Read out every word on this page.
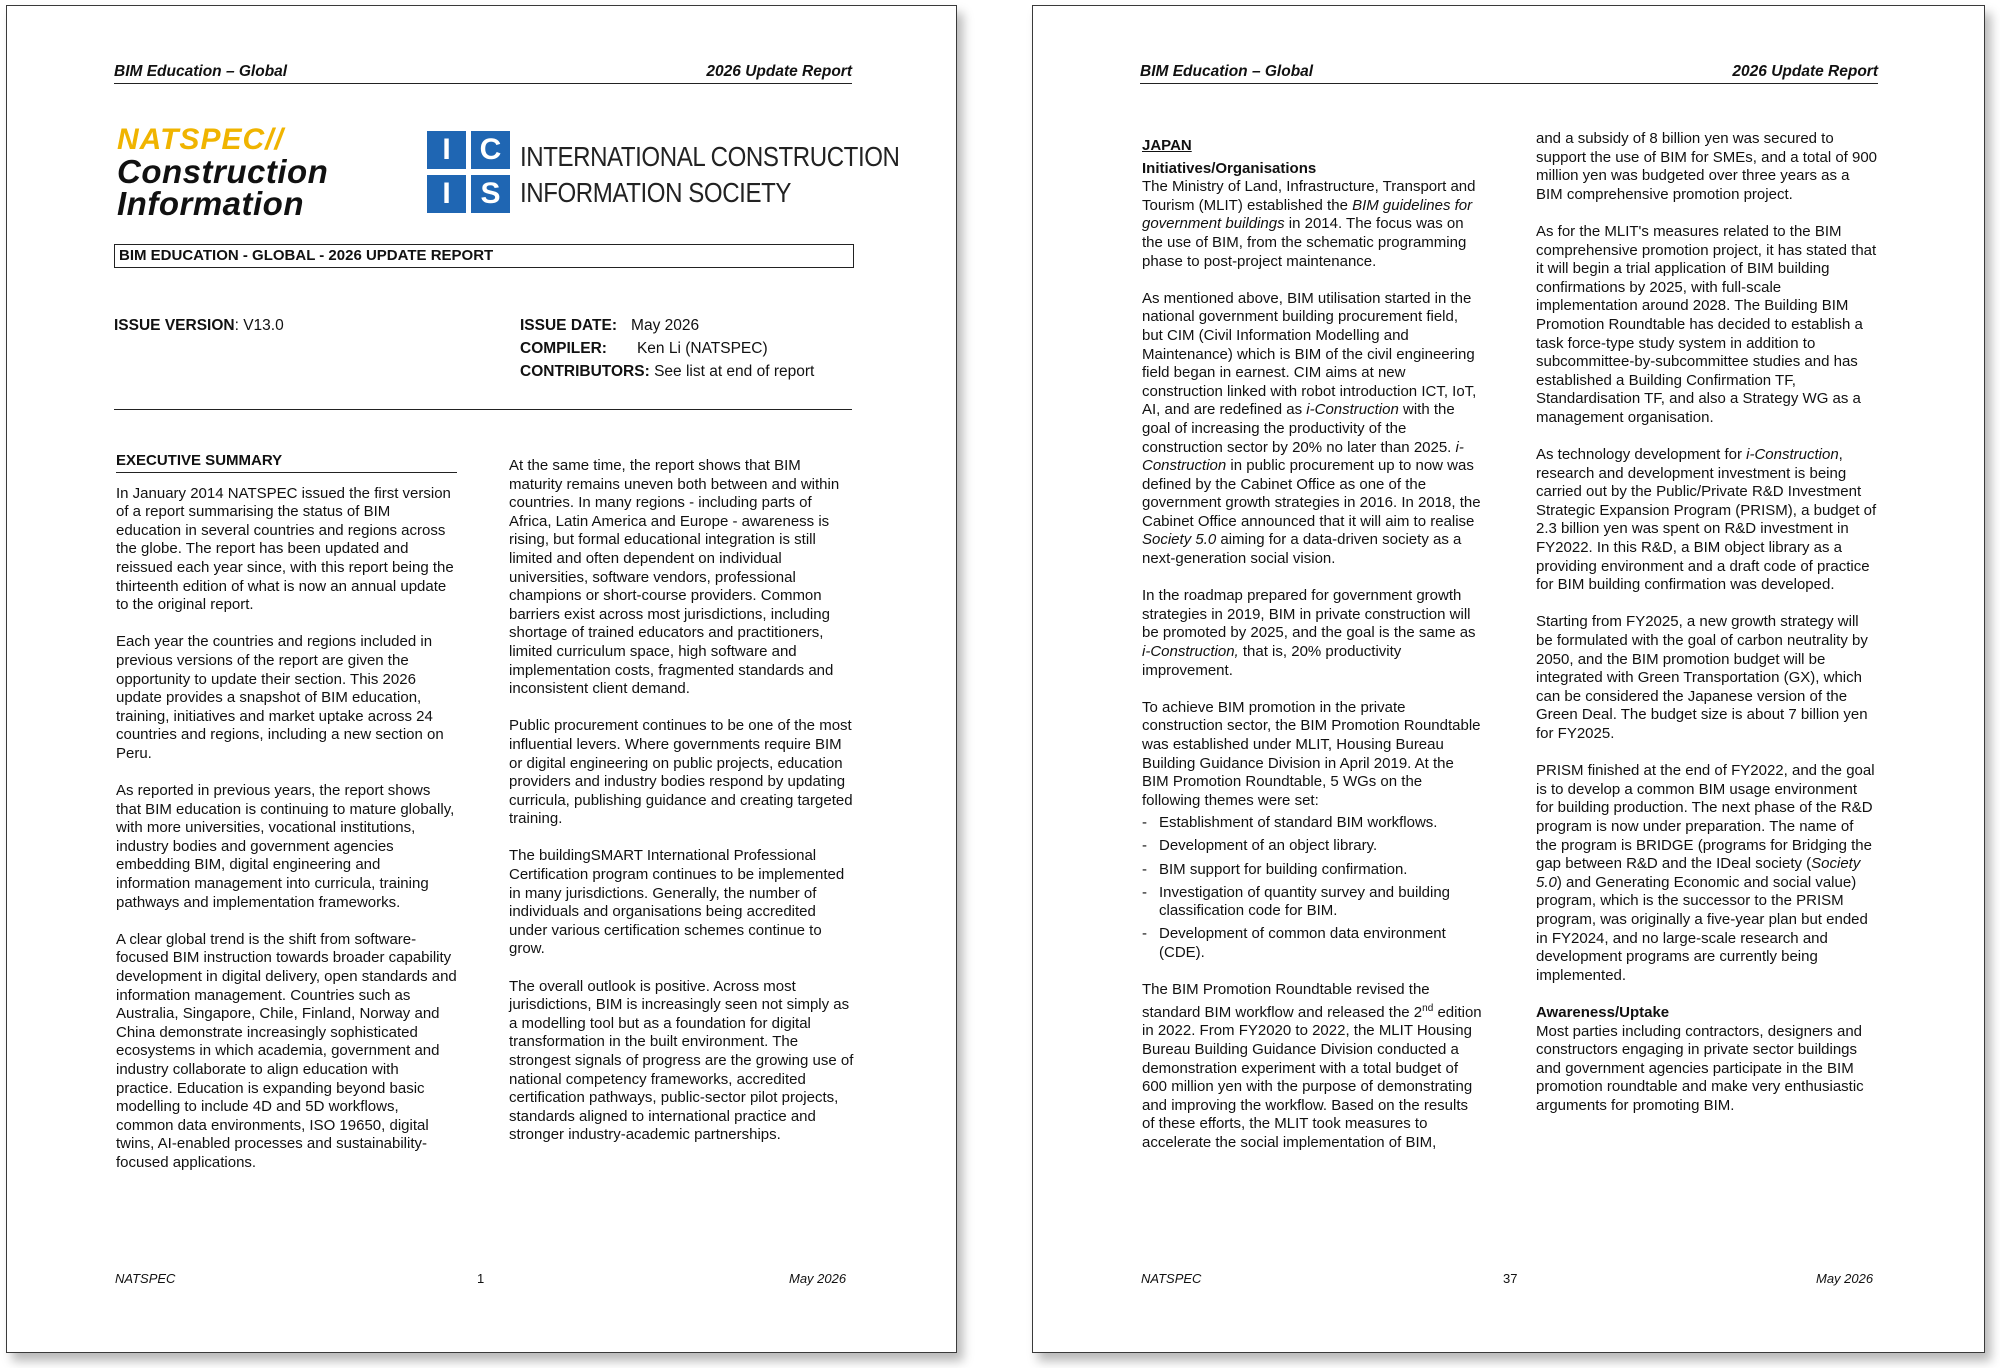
BIM Education – Global	2026 Update Report
NATSPEC//
Construction
Information
I C
I S
INTERNATIONAL CONSTRUCTION
INFORMATION SOCIETY
BIM EDUCATION - GLOBAL - 2026 UPDATE REPORT
ISSUE VERSION: V13.0	ISSUE DATE: May 2026
COMPILER: Ken Li (NATSPEC)
CONTRIBUTORS: See list at end of report
EXECUTIVE SUMMARY

In January 2014 NATSPEC issued the first version of a report summarising the status of BIM education in several countries and regions across the globe. The report has been updated and reissued each year since, with this report being the thirteenth edition of what is now an annual update to the original report.

Each year the countries and regions included in previous versions of the report are given the opportunity to update their section. This 2026 update provides a snapshot of BIM education, training, initiatives and market uptake across 24 countries and regions, including a new section on Peru.

As reported in previous years, the report shows that BIM education is continuing to mature globally, with more universities, vocational institutions, industry bodies and government agencies embedding BIM, digital engineering and information management into curricula, training pathways and implementation frameworks.

A clear global trend is the shift from software-focused BIM instruction towards broader capability development in digital delivery, open standards and information management. Countries such as Australia, Singapore, Chile, Finland, Norway and China demonstrate increasingly sophisticated ecosystems in which academia, government and industry collaborate to align education with practice. Education is expanding beyond basic modelling to include 4D and 5D workflows, common data environments, ISO 19650, digital twins, AI-enabled processes and sustainability-focused applications.

At the same time, the report shows that BIM maturity remains uneven both between and within countries. In many regions - including parts of Africa, Latin America and Europe - awareness is rising, but formal educational integration is still limited and often dependent on individual universities, software vendors, professional champions or short-course providers. Common barriers exist across most jurisdictions, including shortage of trained educators and practitioners, limited curriculum space, high software and implementation costs, fragmented standards and inconsistent client demand.

Public procurement continues to be one of the most influential levers. Where governments require BIM or digital engineering on public projects, education providers and industry bodies respond by updating curricula, publishing guidance and creating targeted training.

The buildingSMART International Professional Certification program continues to be implemented in many jurisdictions. Generally, the number of individuals and organisations being accredited under various certification schemes continue to grow.

The overall outlook is positive. Across most jurisdictions, BIM is increasingly seen not simply as a modelling tool but as a foundation for digital transformation in the built environment. The strongest signals of progress are the growing use of national competency frameworks, accredited certification pathways, public-sector pilot projects, standards aligned to international practice and stronger industry-academic partnerships.

NATSPEC	1	May 2026
BIM Education – Global	2026 Update Report
JAPAN
Initiatives/Organisations

The Ministry of Land, Infrastructure, Transport and Tourism (MLIT) established the BIM guidelines for government buildings in 2014. The focus was on the use of BIM, from the schematic programming phase to post-project maintenance.

As mentioned above, BIM utilisation started in the national government building procurement field, but CIM (Civil Information Modelling and Maintenance) which is BIM of the civil engineering field began in earnest. CIM aims at new construction linked with robot introduction ICT, IoT, AI, and are redefined as i-Construction with the goal of increasing the productivity of the construction sector by 20% no later than 2025. i-Construction in public procurement up to now was defined by the Cabinet Office as one of the government growth strategies in 2016. In 2018, the Cabinet Office announced that it will aim to realise Society 5.0 aiming for a data-driven society as a next-generation social vision.

In the roadmap prepared for government growth strategies in 2019, BIM in private construction will be promoted by 2025, and the goal is the same as i-Construction, that is, 20% productivity improvement.

To achieve BIM promotion in the private construction sector, the BIM Promotion Roundtable was established under MLIT, Housing Bureau Building Guidance Division in April 2019. At the BIM Promotion Roundtable, 5 WGs on the following themes were set:

- Establishment of standard BIM workflows.
- Development of an object library.
- BIM support for building confirmation.
- Investigation of quantity survey and building classification code for BIM.
- Development of common data environment (CDE).

The BIM Promotion Roundtable revised the standard BIM workflow and released the 2nd edition in 2022. From FY2020 to 2022, the MLIT Housing Bureau Building Guidance Division conducted a demonstration experiment with a total budget of 600 million yen with the purpose of demonstrating and improving the workflow. Based on the results of these efforts, the MLIT took measures to accelerate the social implementation of BIM,

and a subsidy of 8 billion yen was secured to support the use of BIM for SMEs, and a total of 900 million yen was budgeted over three years as a BIM comprehensive promotion project.

As for the MLIT's measures related to the BIM comprehensive promotion project, it has stated that it will begin a trial application of BIM building confirmations by 2025, with full-scale implementation around 2028. The Building BIM Promotion Roundtable has decided to establish a task force-type study system in addition to subcommittee-by-subcommittee studies and has established a Building Confirmation TF, Standardisation TF, and also a Strategy WG as a management organisation.

As technology development for i-Construction, research and development investment is being carried out by the Public/Private R&D Investment Strategic Expansion Program (PRISM), a budget of 2.3 billion yen was spent on R&D investment in FY2022. In this R&D, a BIM object library as a providing environment and a draft code of practice for BIM building confirmation was developed.

Starting from FY2025, a new growth strategy will be formulated with the goal of carbon neutrality by 2050, and the BIM promotion budget will be integrated with Green Transportation (GX), which can be considered the Japanese version of the Green Deal. The budget size is about 7 billion yen for FY2025.

PRISM finished at the end of FY2022, and the goal is to develop a common BIM usage environment for building production. The next phase of the R&D program is now under preparation. The name of the program is BRIDGE (programs for Bridging the gap between R&D and the IDeal society (Society 5.0) and Generating Economic and social value) program, which is the successor to the PRISM program, was originally a five-year plan but ended in FY2024, and no large-scale research and development programs are currently being implemented.

Awareness/Uptake

Most parties including contractors, designers and constructors engaging in private sector buildings and government agencies participate in the BIM promotion roundtable and make very enthusiastic arguments for promoting BIM.

NATSPEC	37	May 2026
